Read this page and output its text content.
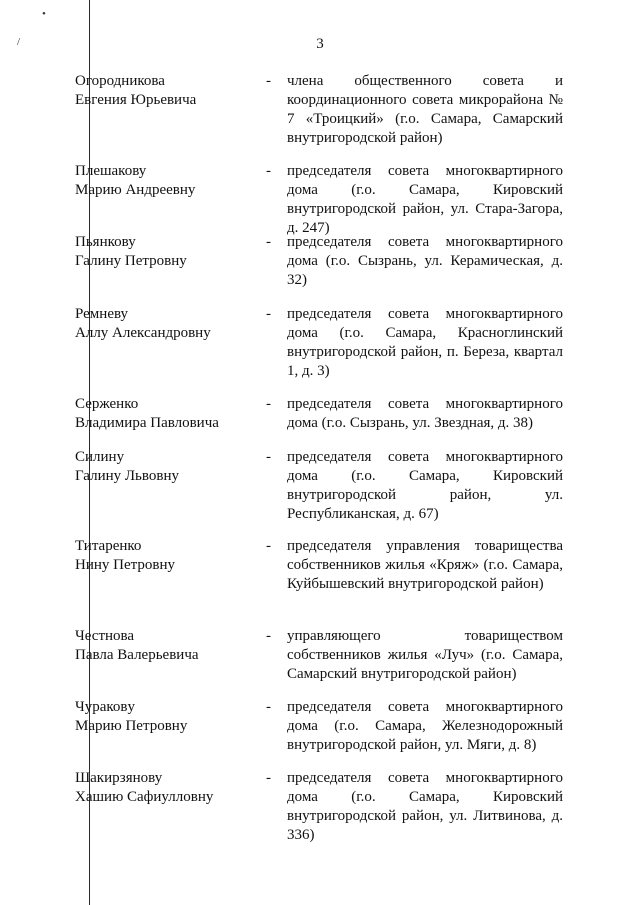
•
/	3
Огородникова
Евгения Юрьевича
- члена общественного совета и координационного совета микрорайона № 7 «Троицкий» (г.о. Самара, Самарский внутригородской район)
Плешакову
Марию Андреевну
- председателя совета многоквартирного дома (г.о. Самара, Кировский внутригородской район, ул. Стара-Загора, д. 247)
Пьянкову
Галину Петровну
- председателя совета многоквартирного дома (г.о. Сызрань, ул. Керамическая, д. 32)
Ремневу
Аллу Александровну
- председателя совета многоквартирного дома (г.о. Самара, Красноглинский внутригородской район, п. Береза, квартал 1, д. 3)
Серженко
Владимира Павловича
- председателя совета многоквартирного дома (г.о. Сызрань, ул. Звездная, д. 38)
Силину
Галину Львовну
- председателя совета многоквартирного дома (г.о. Самара, Кировский внутригородской район, ул. Республиканская, д. 67)
Титаренко
Нину Петровну
- председателя управления товарищества собственников жилья «Кряж» (г.о. Самара, Куйбышевский внутригородской район)
Честнова
Павла Валерьевича
- управляющего товариществом собственников жилья «Луч» (г.о. Самара, Самарский внутригородской район)
Чураковy
Марию Петровну
- председателя совета многоквартирного дома (г.о. Самара, Железнодорожный внутригородской район, ул. Мяги, д. 8)
Шакирзянову
Хашию Сафиулловну
- председателя совета многоквартирного дома (г.о. Самара, Кировский внутригородской район, ул. Литвинова, д. 336)
